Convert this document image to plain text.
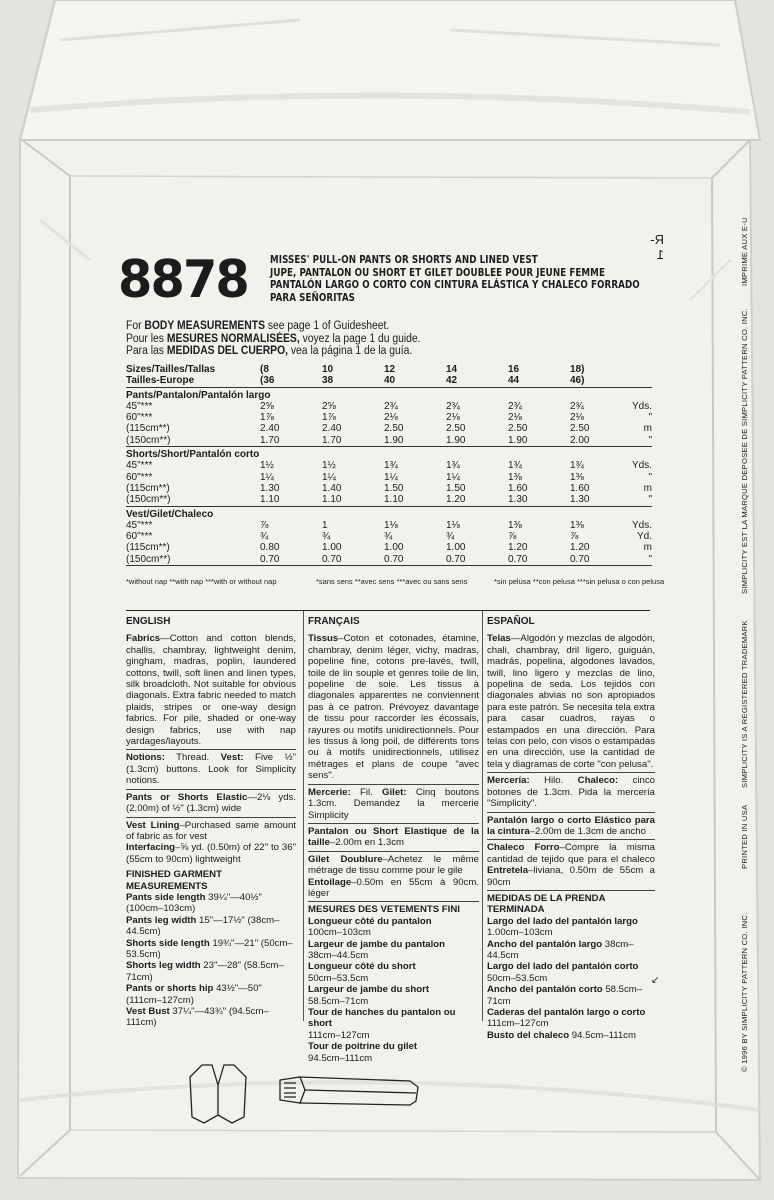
R-1
8878 MISSES' PULL-ON PANTS OR SHORTS AND LINED VEST
JUPE, PANTALON OU SHORT ET GILET DOUBLEE POUR JEUNE FEMME
PANTALÓN LARGO O CORTO CON CINTURA ELÁSTICA Y CHALECO FORRADO
PARA SEÑORITAS
For BODY MEASUREMENTS see page 1 of Guidesheet.
Pour les MESURES NORMALISÉES, voyez la page 1 du guide.
Para las MEDIDAS DEL CUERPO, vea la página 1 de la guía.
Sizes/Tailles/Tallas	(8	10	12	14	16	18)	
Tailles-Europe	(36	38	40	42	44	46)	
Pants/Pantalon/Pantalón largo							
45"***	2⅝	2⅝	2¾	2¾	2¾	2¾	Yds.
60"***	1⅞	1⅞	2⅛	2⅛	2⅛	2⅛	"
(115cm**)	2.40	2.40	2.50	2.50	2.50	2.50	m
(150cm**)	1.70	1.70	1.90	1.90	1.90	2.00	"
Shorts/Short/Pantalón corto							
45"***	1½	1½	1¾	1¾	1¾	1¾	Yds.
60"***	1¼	1¼	1¼	1¼	1⅜	1⅜	"
(115cm**)	1.30	1.40	1.50	1.50	1.60	1.60	m
(150cm**)	1.10	1.10	1.10	1.20	1.30	1.30	"
Vest/Gilet/Chaleco							
45"***	⅞	1	1⅛	1⅛	1⅜	1⅜	Yds.
60"***	¾	¾	¾	¾	⅞	⅞	Yd.
(115cm**)	0.80	1.00	1.00	1.00	1.20	1.20	m
(150cm**)	0.70	0.70	0.70	0.70	0.70	0.70	"
*without nap **with nap ***with or without nap	*sans sens **avec sens ***avec ou sans sens	*sin pelusa **con pelusa ***sin pelusa o con pelusa
ENGLISH

Fabrics—Cotton and cotton blends, challis, chambray, lightweight denim, gingham, madras, poplin, laundered cottons, twill, soft linen and linen types, silk broadcloth. Not suitable for obvious diagonals. Extra fabric needed to match plaids, stripes or one-way design fabrics. For pile, shaded or one-way design fabrics, use with nap yardages/layouts.

Notions: Thread. Vest: Five ½" (1.3cm) buttons. Look for Simplicity notions.

Pants or Shorts Elastic—2⅛ yds. (2.00m) of ½" (1.3cm) wide

Vest Lining–Purchased same amount of fabric as for vest
Interfacing–⅝ yd. (0.50m) of 22" to 36" (55cm to 90cm) lightweight

FINISHED GARMENT MEASUREMENTS
Pants side length 39¼"—40½" (100cm–103cm)
Pants leg width 15"—17½" (38cm–44.5cm)
Shorts side length 19¾"—21" (50cm–53.5cm)
Shorts leg width 23"—28" (58.5cm–71cm)
Pants or shorts hip 43½"—50" (111cm–127cm)
Vest Bust 37¼"—43¾" (94.5cm–111cm)
FRANÇAIS

Tissus–Coton et cotonades, étamine, chambray, denim léger, vichy, madras, popeline fine, cotons pre-lavés, twill, toile de lin souple et genres toile de lin, popeline de soie. Les tissus à diagonales apparentes ne conviennent pas à ce patron. Prévoyez davantage de tissu pour raccorder les écossais, rayures ou motifs unidirectionnels. Pour les tissus à long poil, de différents tons ou à motifs unidirectionnels, utilisez métrages et plans de coupe "avec sens".

Mercerie: Fil. Gilet: Cinq boutons 1.3cm. Demandez la mercerie Simplicity

Pantalon ou Short Elastique de la taille–2.00m en 1.3cm

Gilet Doublure–Achetez le même métrage de tissu comme pour le gile
Entoilage–0.50m en 55cm à 90cm. léger

MESURES DES VETEMENTS FINI
Longueur côté du pantalon
100cm–103cm
Largeur de jambe du pantalon
38cm–44.5cm
Longueur côté du short
50cm–53.5cm
Largeur de jambe du short
58.5cm–71cm
Tour de hanches du pantalon ou short
111cm–127cm
Tour de poitrine du gilet
94.5cm–111cm
ESPAÑOL

Telas—Algodón y mezclas de algodón, chali, chambray, dril ligero, guiguán, madrás, popelina, algodones lavados, twill, lino ligero y mezclas de lino, popelina de seda. Los tejidos con diagonales abvias no son apropiados para este patrón. Se necesita tela extra para casar cuadros, rayas o estampados en una dirección. Para telas con pelo, con visos o estampadas en una dirección, use la cantidad de tela y diagramas de corte "con pelusa".

Mercería: Hilo. Chaleco: cinco botones de 1.3cm. Pida la mercería "Simplicity".

Pantalón largo o corto Elástico para la cintura–2.00m de 1.3cm de ancho

Chaleco Forro–Compre la misma cantidad de tejido que para el chaleco Entretela–liviana, 0.50m de 55cm a 90cm

MEDIDAS DE LA PRENDA TERMINADA
Largo del lado del pantalón largo 1.00cm–103cm
Ancho del pantalón largo 38cm–44.5cm
Largo del lado del pantalón corto 50cm–53.5cm
Ancho del pantalón corto 58.5cm–71cm
Caderas del pantalón largo o corto 111cm–127cm
Busto del chaleco 94.5cm–111cm
↙	© 1996 BY SIMPLICITY PATTERN CO. INC.
PRINTED IN USA
SIMPLICITY IS A REGISTERED TRADEMARK
SIMPLICITY EST LA MARQUE DEPOSEE DE SIMPLICITY PATTERN CO. INC.
IMPRIME AUX E-U
